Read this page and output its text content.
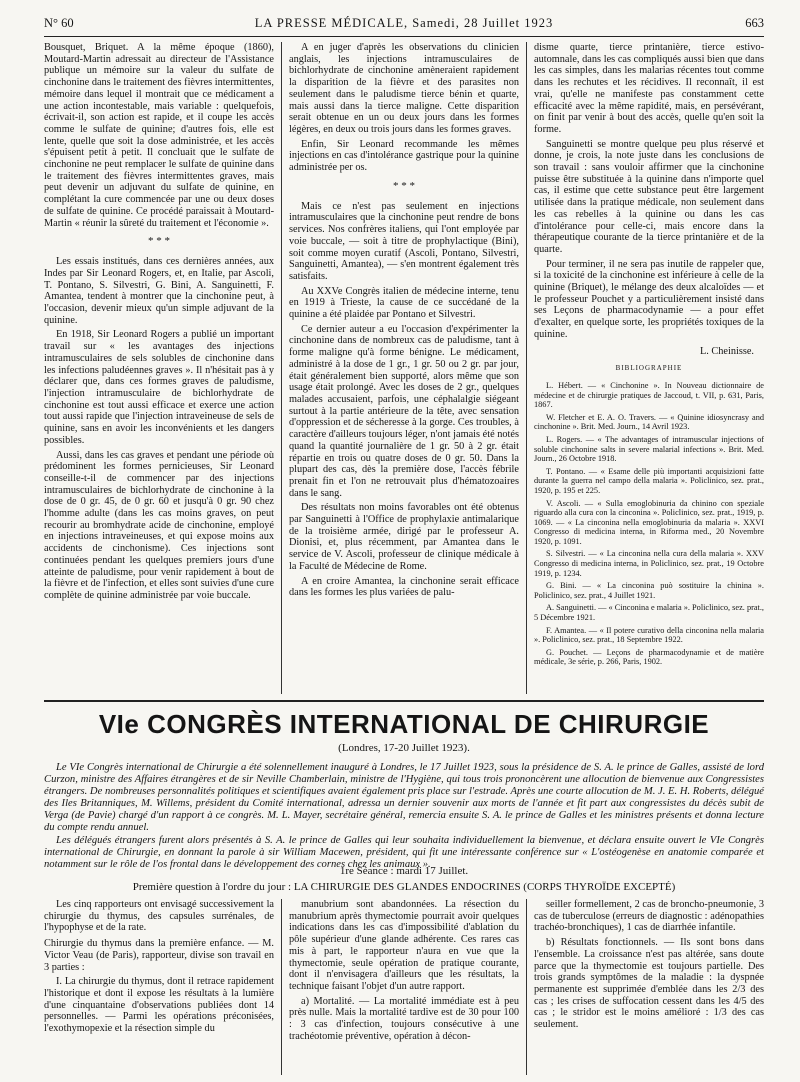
N° 60	LA PRESSE MÉDICALE, Samedi, 28 Juillet 1923	663

Bousquet, Briquet. A la même époque (1860), Moutard-Martin adressait au directeur de l'Assistance publique un mémoire sur la valeur du sulfate de cinchonine dans le traitement des fièvres intermittentes, mémoire dans lequel il montrait que ce médicament a une action incontestable, mais variable : quelquefois, écrivait-il, son action est rapide, et il coupe les accès comme le sulfate de quinine; d'autres fois, elle est lente, quelle que soit la dose administrée, et les accès s'épuisent petit à petit. Il concluait que le sulfate de cinchonine ne peut remplacer le sulfate de quinine dans le traitement des fièvres intermittentes graves, mais peut devenir un adjuvant du sulfate de quinine, en complétant la cure commencée par une ou deux doses de sulfate de quinine. Ce procédé paraissait à Moutard-Martin « réunir la sûreté du traitement et l'économie ».

* * *

Les essais institués, dans ces dernières années, aux Indes par Sir Leonard Rogers, et, en Italie, par Ascoli, T. Pontano, S. Silvestri, G. Bini, A. Sanguinetti, F. Amantea, tendent à montrer que la cinchonine peut, à l'occasion, devenir mieux qu'un simple adjuvant de la quinine.

En 1918, Sir Leonard Rogers a publié un important travail sur « les avantages des injections intramusculaires de sels solubles de cinchonine dans les infections paludéennes graves ». Il n'hésitait pas à y déclarer que, dans ces formes graves de paludisme, l'injection intramusculaire de bichlorhydrate de cinchonine est tout aussi efficace et exerce une action tout aussi rapide que l'injection intraveineuse de sels de quinine, sans en avoir les inconvénients et les dangers possibles.

Aussi, dans les cas graves et pendant une période où prédominent les formes pernicieuses, Sir Leonard conseille-t-il de commencer par des injections intramusculaires de bichlorhydrate de cinchonine à la dose de 0 gr. 45, de 0 gr. 60 et jusqu'à 0 gr. 90 chez l'homme adulte (dans les cas moins graves, on peut recourir au bromhydrate acide de cinchonine, employé en injections intraveineuses, et qui expose moins aux accidents de cinchonisme). Ces injections sont continuées pendant les quelques premiers jours d'une atteinte de paludisme, pour venir rapidement à bout de la fièvre et de l'infection, et elles sont suivies d'une cure complète de quinine administrée par voie buccale.

A en juger d'après les observations du clinicien anglais, les injections intramusculaires de bichlorhydrate de cinchonine amèneraient rapidement la disparition de la fièvre et des parasites non seulement dans le paludisme tierce bénin et quarte, mais aussi dans la tierce maligne. Cette disparition serait obtenue en un ou deux jours dans les formes légères, en deux ou trois jours dans les formes graves.

Enfin, Sir Leonard recommande les mêmes injections en cas d'intolérance gastrique pour la quinine administrée per os.

* * *

Mais ce n'est pas seulement en injections intramusculaires que la cinchonine peut rendre de bons services. Nos confrères italiens, qui l'ont employée par voie buccale, — soit à titre de prophylactique (Bini), soit comme moyen curatif (Ascoli, Pontano, Silvestri, Sanguinetti, Amantea), — s'en montrent également très satisfaits.

Au XXVe Congrès italien de médecine interne, tenu en 1919 à Trieste, la cause de ce succédané de la quinine a été plaidée par Pontano et Silvestri.

Ce dernier auteur a eu l'occasion d'expérimenter la cinchonine dans de nombreux cas de paludisme, tant à forme maligne qu'à forme bénigne. Le médicament, administré à la dose de 1 gr., 1 gr. 50 ou 2 gr. par jour, était généralement bien supporté, alors même que son usage était prolongé. Avec les doses de 2 gr., quelques malades accusaient, parfois, une céphalalgie siégeant surtout à la partie antérieure de la tête, avec sensation d'oppression et de sécheresse à la gorge. Ces troubles, à caractère d'ailleurs toujours léger, n'ont jamais été notés quand la quantité journalière de 1 gr. 50 à 2 gr. était répartie en trois ou quatre doses de 0 gr. 50. Dans la plupart des cas, dès la première dose, l'accès fébrile prenait fin et l'on ne retrouvait plus d'hématozoaires dans le sang.

Des résultats non moins favorables ont été obtenus par Sanguinetti à l'Office de prophylaxie antimalarique de la troisième armée, dirigé par le professeur A. Dionisi, et, plus récemment, par Amantea dans le service de V. Ascoli, professeur de clinique médicale à la Faculté de Médecine de Rome.

A en croire Amantea, la cinchonine serait efficace dans les formes les plus variées de palu-

disme quarte, tierce printanière, tierce estivo-automnale, dans les cas compliqués aussi bien que dans les cas simples, dans les malarias récentes tout comme dans les rechutes et les récidives. Il reconnaît, il est vrai, qu'elle ne manifeste pas constamment cette efficacité avec la même rapidité, mais, en persévérant, on finit par venir à bout des accès, quelle qu'en soit la forme.

Sanguinetti se montre quelque peu plus réservé et donne, je crois, la note juste dans les conclusions de son travail : sans vouloir affirmer que la cinchonine puisse être substituée à la quinine dans n'importe quel cas, il estime que cette substance peut être largement utilisée dans la pratique médicale, non seulement dans les cas rebelles à la quinine ou dans les cas d'intolérance pour celle-ci, mais encore dans la thérapeutique courante de la tierce printanière et de la quarte.

Pour terminer, il ne sera pas inutile de rappeler que, si la toxicité de la cinchonine est inférieure à celle de la quinine (Briquet), le mélange des deux alcaloïdes — et le professeur Pouchet y a particulièrement insisté dans ses Leçons de pharmacodynamie — a pour effet d'exalter, en quelque sorte, les propriétés toxiques de la quinine.

L. Cheinisse.
BIBLIOGRAPHIE

L. Hébert. — « Cinchonine ». In Nouveau dictionnaire de médecine et de chirurgie pratiques de Jaccoud, t. VII, p. 631, Paris, 1867.

W. Fletcher et E. A. O. Travers. — « Quinine idiosyncrasy and cinchonine ». Brit. Med. Journ., 14 Avril 1923.

L. Rogers. — « The advantages of intramuscular injections of soluble cinchonine salts in severe malarial infections ». Brit. Med. Journ., 26 Octobre 1918.

T. Pontano. — « Esame delle più importanti acquisizioni fatte durante la guerra nel campo della malaria ». Policlinico, sez. prat., 1920, p. 195 et 225.

V. Ascoli. — « Sulla emoglobinuria da chinino con speziale riguardo alla cura con la cinconina ». Policlinico, sez. prat., 1919, p. 1069. — « La cinconina nella emoglobinuria da malaria ». XXVI Congresso di medicina interna, in Riforma med., 20 Novembre 1920, p. 1091.

S. Silvestri. — « La cinconina nella cura della malaria ». XXV Congresso di medicina interna, in Policlinico, sez. prat., 19 Octobre 1919, p. 1234.

G. Bini. — « La cinconina può sostituire la chinina ». Policlinico, sez. prat., 4 Juillet 1921.

A. Sanguinetti. — « Cinconina e malaria ». Policlinico, sez. prat., 5 Décembre 1921.

F. Amantea. — « Il potere curativo della cinconina nella malaria ». Policlinico, sez. prat., 18 Septembre 1922.

G. Pouchet. — Leçons de pharmacodynamie et de matière médicale, 3e série, p. 266, Paris, 1902.

VIe CONGRÈS INTERNATIONAL DE CHIRURGIE
(Londres, 17-20 Juillet 1923).

Le VIe Congrès international de Chirurgie a été solennellement inauguré à Londres, le 17 Juillet 1923, sous la présidence de S. A. le prince de Galles, assisté de lord Curzon, ministre des Affaires étrangères et de sir Neville Chamberlain, ministre de l'Hygiène, qui tous trois prononcèrent une allocution de bienvenue aux Congressistes étrangers. De nombreuses personnalités politiques et scientifiques avaient également pris place sur l'estrade. Après une courte allocution de M. J. E. H. Roberts, délégué des Iles Britanniques, M. Willems, président du Comité international, adressa un dernier souvenir aux morts de l'année et fit part aux congressistes du décès subit de Verga (de Pavie) chargé d'un rapport à ce congrès. M. L. Mayer, secrétaire général, remercia ensuite S. A. le prince de Galles et les ministres présents et donna lecture du compte rendu annuel.

Les délégués étrangers furent alors présentés à S. A. le prince de Galles qui leur souhaita individuellement la bienvenue, et déclara ensuite ouvert le VIe Congrès international de Chirurgie, en donnant la parole à sir William Macewen, président, qui fit une intéressante conférence sur « L'ostéogenèse en anatomie comparée et notamment sur le rôle de l'os frontal dans le développement des cornes chez les animaux ».

1re Séance : mardi 17 Juillet.
Première question à l'ordre du jour : LA CHIRURGIE DES GLANDES ENDOCRINES (CORPS THYROÏDE EXCEPTÉ)

Les cinq rapporteurs ont envisagé successivement la chirurgie du thymus, des capsules surrénales, de l'hypophyse et de la rate.

Chirurgie du thymus dans la première enfance. — M. Victor Veau (de Paris), rapporteur, divise son travail en 3 parties :

I. La chirurgie du thymus, dont il retrace rapidement l'historique et dont il expose les résultats à la lumière d'une cinquantaine d'observations publiées dont 14 personnelles. — Parmi les opérations préconisées, l'exothymopexie et la résection simple du

manubrium sont abandonnées. La résection du manubrium après thymectomie pourrait avoir quelques indications dans les cas d'impossibilité d'ablation du pôle supérieur d'une glande adhérente. Ces rares cas mis à part, le rapporteur n'aura en vue que la thymectomie, seule opération de pratique courante, dont il n'envisagera d'ailleurs que les résultats, la technique faisant l'objet d'un autre rapport.

a) Mortalité. — La mortalité immédiate est à peu près nulle. Mais la mortalité tardive est de 30 pour 100 : 3 cas d'infection, toujours consécutive à une trachéotomie préventive, opération à décon-

seiller formellement, 2 cas de broncho-pneumonie, 3 cas de tuberculose (erreurs de diagnostic : adénopathies trachéo-bronchiques), 1 cas de diarrhée infantile.

b) Résultats fonctionnels. — Ils sont bons dans l'ensemble. La croissance n'est pas altérée, sans doute parce que la thymectomie est toujours partielle. Des trois grands symptômes de la maladie : la dyspnée permanente est supprimée d'emblée dans les 2/3 des cas ; les crises de suffocation cessent dans les 4/5 des cas ; le stridor est le moins amélioré : 1/3 des cas seulement.
